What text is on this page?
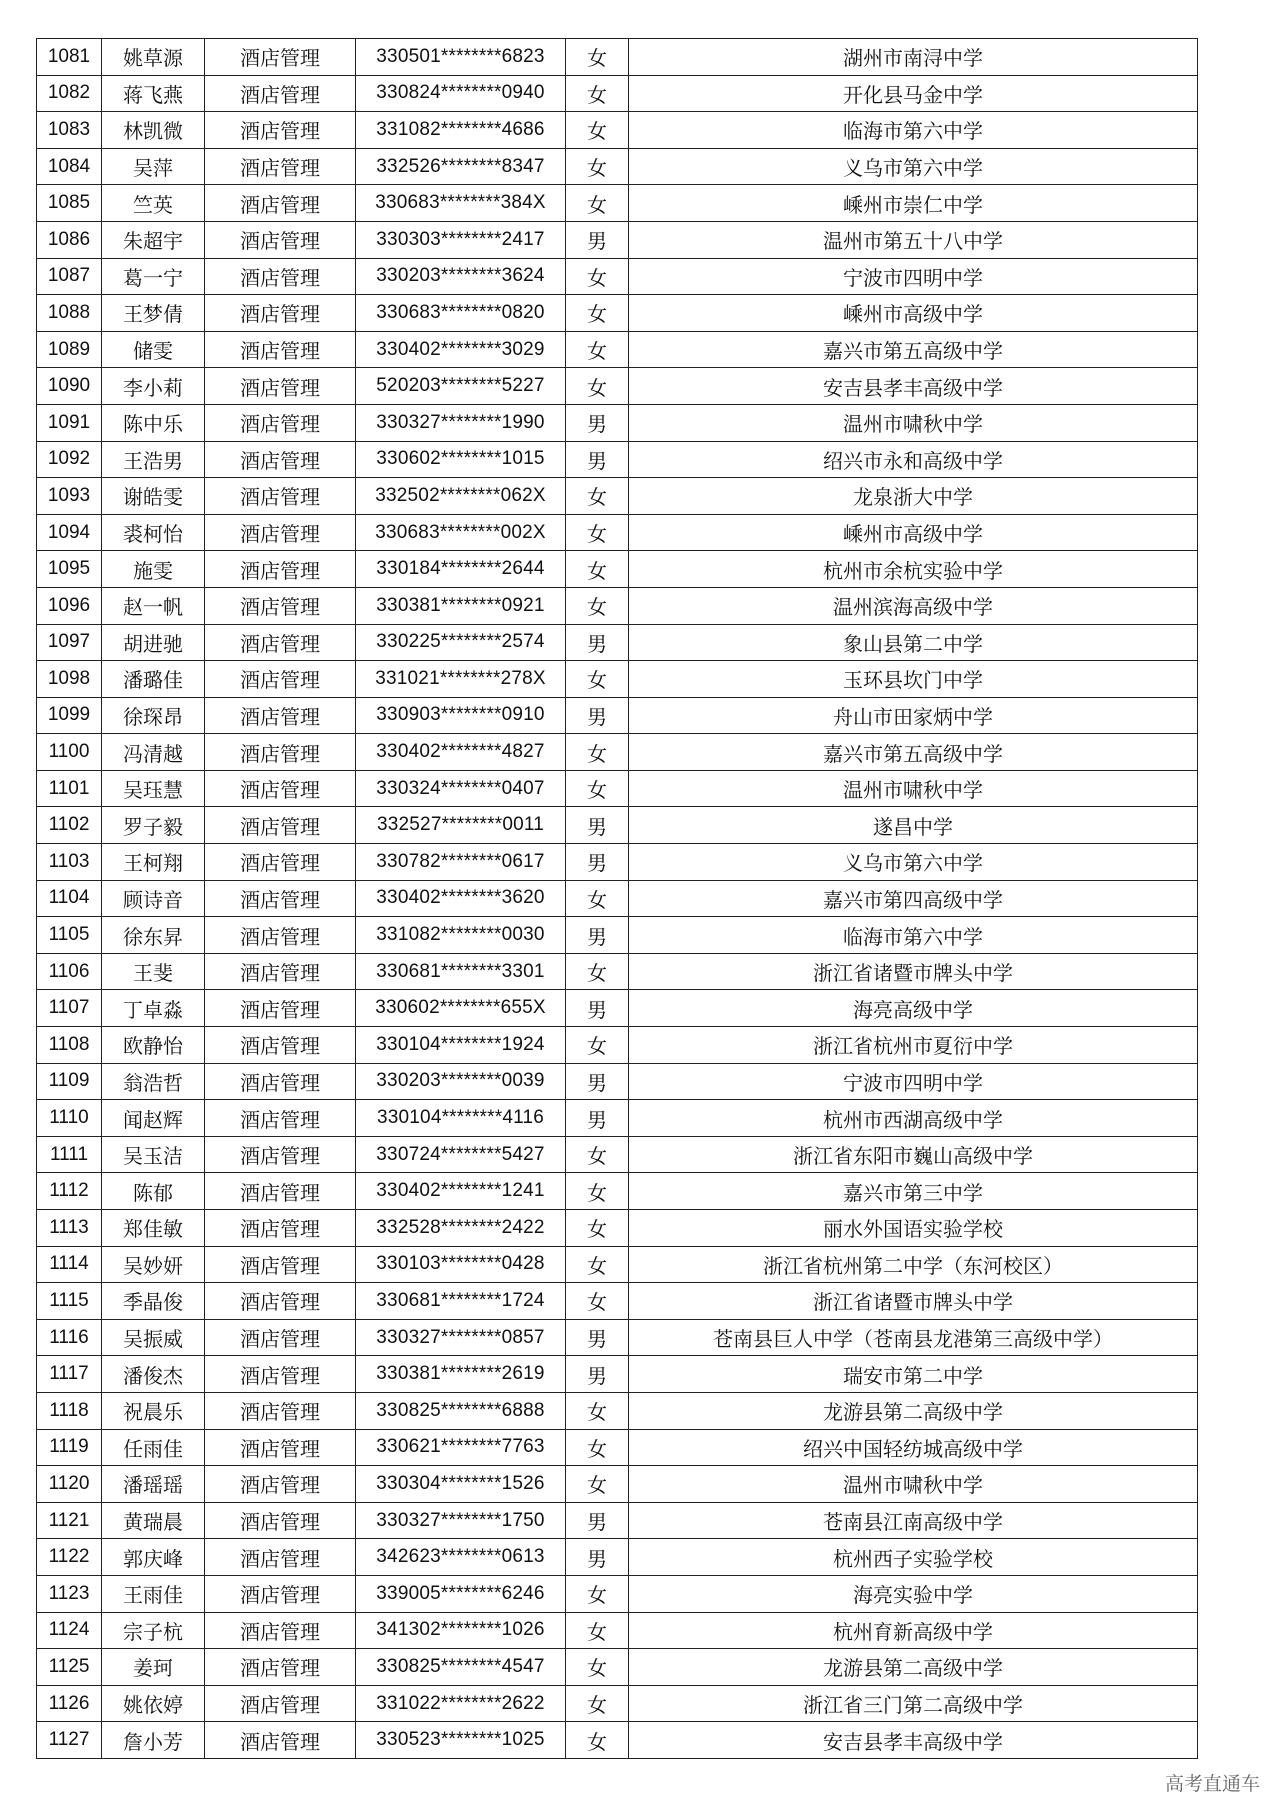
1081	姚草源	酒店管理	330501********6823	女	湖州市南浔中学
1082	蒋飞燕	酒店管理	330824********0940	女	开化县马金中学
1083	林凯微	酒店管理	331082********4686	女	临海市第六中学
1084	吴萍	酒店管理	332526********8347	女	义乌市第六中学
1085	竺英	酒店管理	330683********384X	女	嵊州市崇仁中学
1086	朱超宇	酒店管理	330303********2417	男	温州市第五十八中学
1087	葛一宁	酒店管理	330203********3624	女	宁波市四明中学
1088	王梦倩	酒店管理	330683********0820	女	嵊州市高级中学
1089	储雯	酒店管理	330402********3029	女	嘉兴市第五高级中学
1090	李小莉	酒店管理	520203********5227	女	安吉县孝丰高级中学
1091	陈中乐	酒店管理	330327********1990	男	温州市啸秋中学
1092	王浩男	酒店管理	330602********1015	男	绍兴市永和高级中学
1093	谢皓雯	酒店管理	332502********062X	女	龙泉浙大中学
1094	裘柯怡	酒店管理	330683********002X	女	嵊州市高级中学
1095	施雯	酒店管理	330184********2644	女	杭州市余杭实验中学
1096	赵一帆	酒店管理	330381********0921	女	温州滨海高级中学
1097	胡进驰	酒店管理	330225********2574	男	象山县第二中学
1098	潘璐佳	酒店管理	331021********278X	女	玉环县坎门中学
1099	徐琛昂	酒店管理	330903********0910	男	舟山市田家炳中学
1100	冯清越	酒店管理	330402********4827	女	嘉兴市第五高级中学
1101	吴珏慧	酒店管理	330324********0407	女	温州市啸秋中学
1102	罗子毅	酒店管理	332527********0011	男	遂昌中学
1103	王柯翔	酒店管理	330782********0617	男	义乌市第六中学
1104	顾诗音	酒店管理	330402********3620	女	嘉兴市第四高级中学
1105	徐东昇	酒店管理	331082********0030	男	临海市第六中学
1106	王斐	酒店管理	330681********3301	女	浙江省诸暨市牌头中学
1107	丁卓淼	酒店管理	330602********655X	男	海亮高级中学
1108	欧静怡	酒店管理	330104********1924	女	浙江省杭州市夏衍中学
1109	翁浩哲	酒店管理	330203********0039	男	宁波市四明中学
1110	闻赵辉	酒店管理	330104********4116	男	杭州市西湖高级中学
1111	吴玉洁	酒店管理	330724********5427	女	浙江省东阳市巍山高级中学
1112	陈郁	酒店管理	330402********1241	女	嘉兴市第三中学
1113	郑佳敏	酒店管理	332528********2422	女	丽水外国语实验学校
1114	吴妙妍	酒店管理	330103********0428	女	浙江省杭州第二中学（东河校区）
1115	季晶俊	酒店管理	330681********1724	女	浙江省诸暨市牌头中学
1116	吴振威	酒店管理	330327********0857	男	苍南县巨人中学（苍南县龙港第三高级中学）
1117	潘俊杰	酒店管理	330381********2619	男	瑞安市第二中学
1118	祝晨乐	酒店管理	330825********6888	女	龙游县第二高级中学
1119	任雨佳	酒店管理	330621********7763	女	绍兴中国轻纺城高级中学
1120	潘瑶瑶	酒店管理	330304********1526	女	温州市啸秋中学
1121	黄瑞晨	酒店管理	330327********1750	男	苍南县江南高级中学
1122	郭庆峰	酒店管理	342623********0613	男	杭州西子实验学校
1123	王雨佳	酒店管理	339005********6246	女	海亮实验中学
1124	宗子杭	酒店管理	341302********1026	女	杭州育新高级中学
1125	姜珂	酒店管理	330825********4547	女	龙游县第二高级中学
1126	姚依婷	酒店管理	331022********2622	女	浙江省三门第二高级中学
1127	詹小芳	酒店管理	330523********1025	女	安吉县孝丰高级中学
高考直通车
